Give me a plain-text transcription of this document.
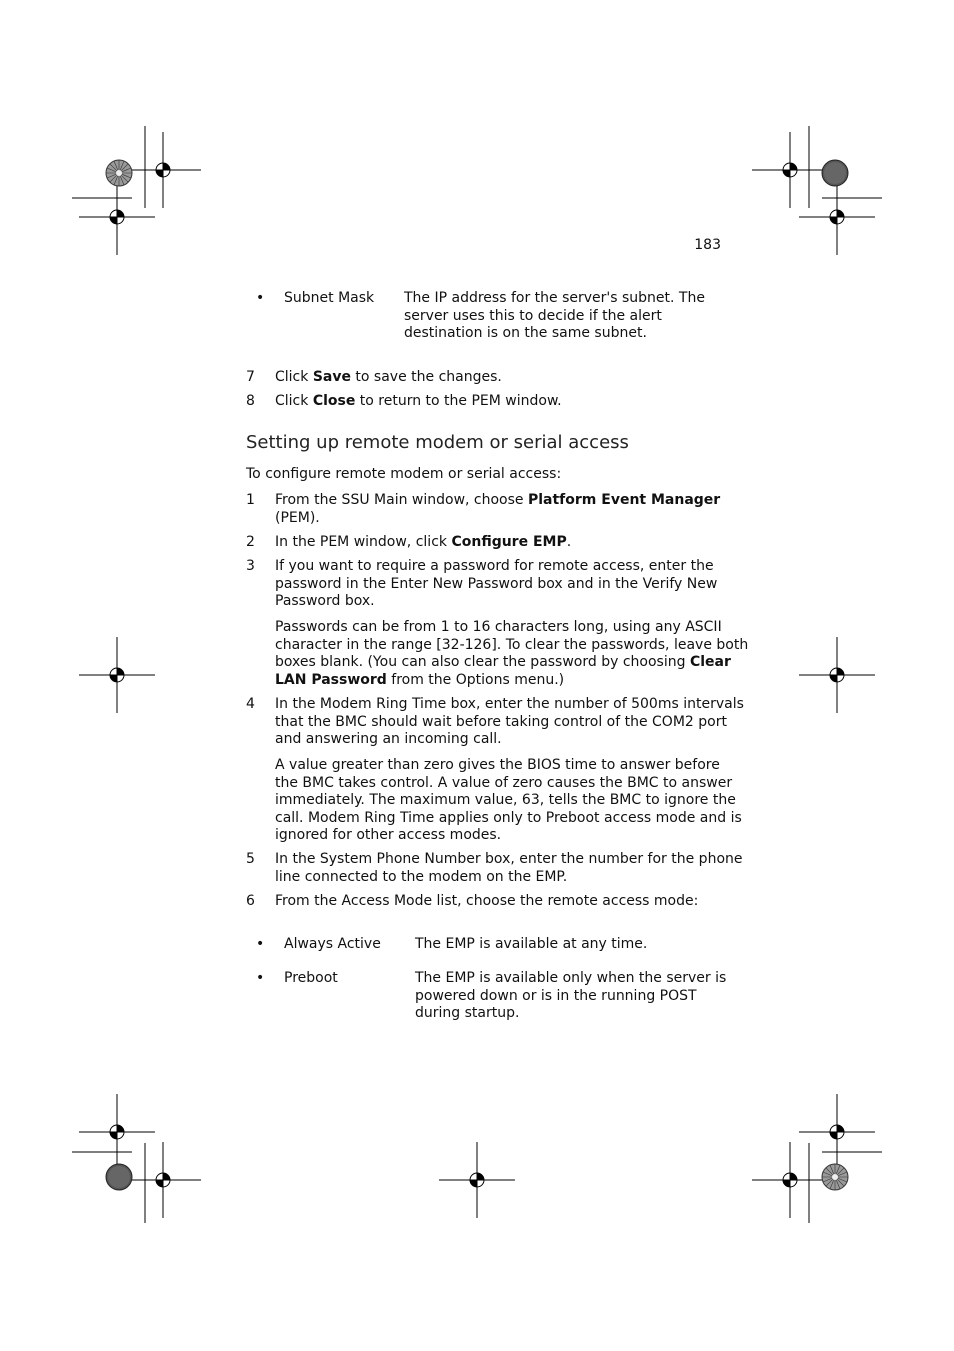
183
• Subnet Mask The IP address for the server's subnet. The
server uses this to decide if the alert
destination is on the same subnet.
7 Click Save to save the changes.
8 Click Close to return to the PEM window.
Setting up remote modem or serial access
To configure remote modem or serial access:
1 From the SSU Main window, choose Platform Event Manager
(PEM).
2 In the PEM window, click Configure EMP.
3 If you want to require a password for remote access, enter the
password in the Enter New Password box and in the Verify New
Password box.
Passwords can be from 1 to 16 characters long, using any ASCII
character in the range [32-126]. To clear the passwords, leave both
boxes blank. (You can also clear the password by choosing Clear
LAN Password from the Options menu.)
4 In the Modem Ring Time box, enter the number of 500ms intervals
that the BMC should wait before taking control of the COM2 port
and answering an incoming call.
A value greater than zero gives the BIOS time to answer before
the BMC takes control. A value of zero causes the BMC to answer
immediately. The maximum value, 63, tells the BMC to ignore the
call. Modem Ring Time applies only to Preboot access mode and is
ignored for other access modes.
5 In the System Phone Number box, enter the number for the phone
line connected to the modem on the EMP.
6 From the Access Mode list, choose the remote access mode:
• Always Active The EMP is available at any time.
• Preboot	The EMP is available only when the server is
powered down or is in the running POST
during startup.
